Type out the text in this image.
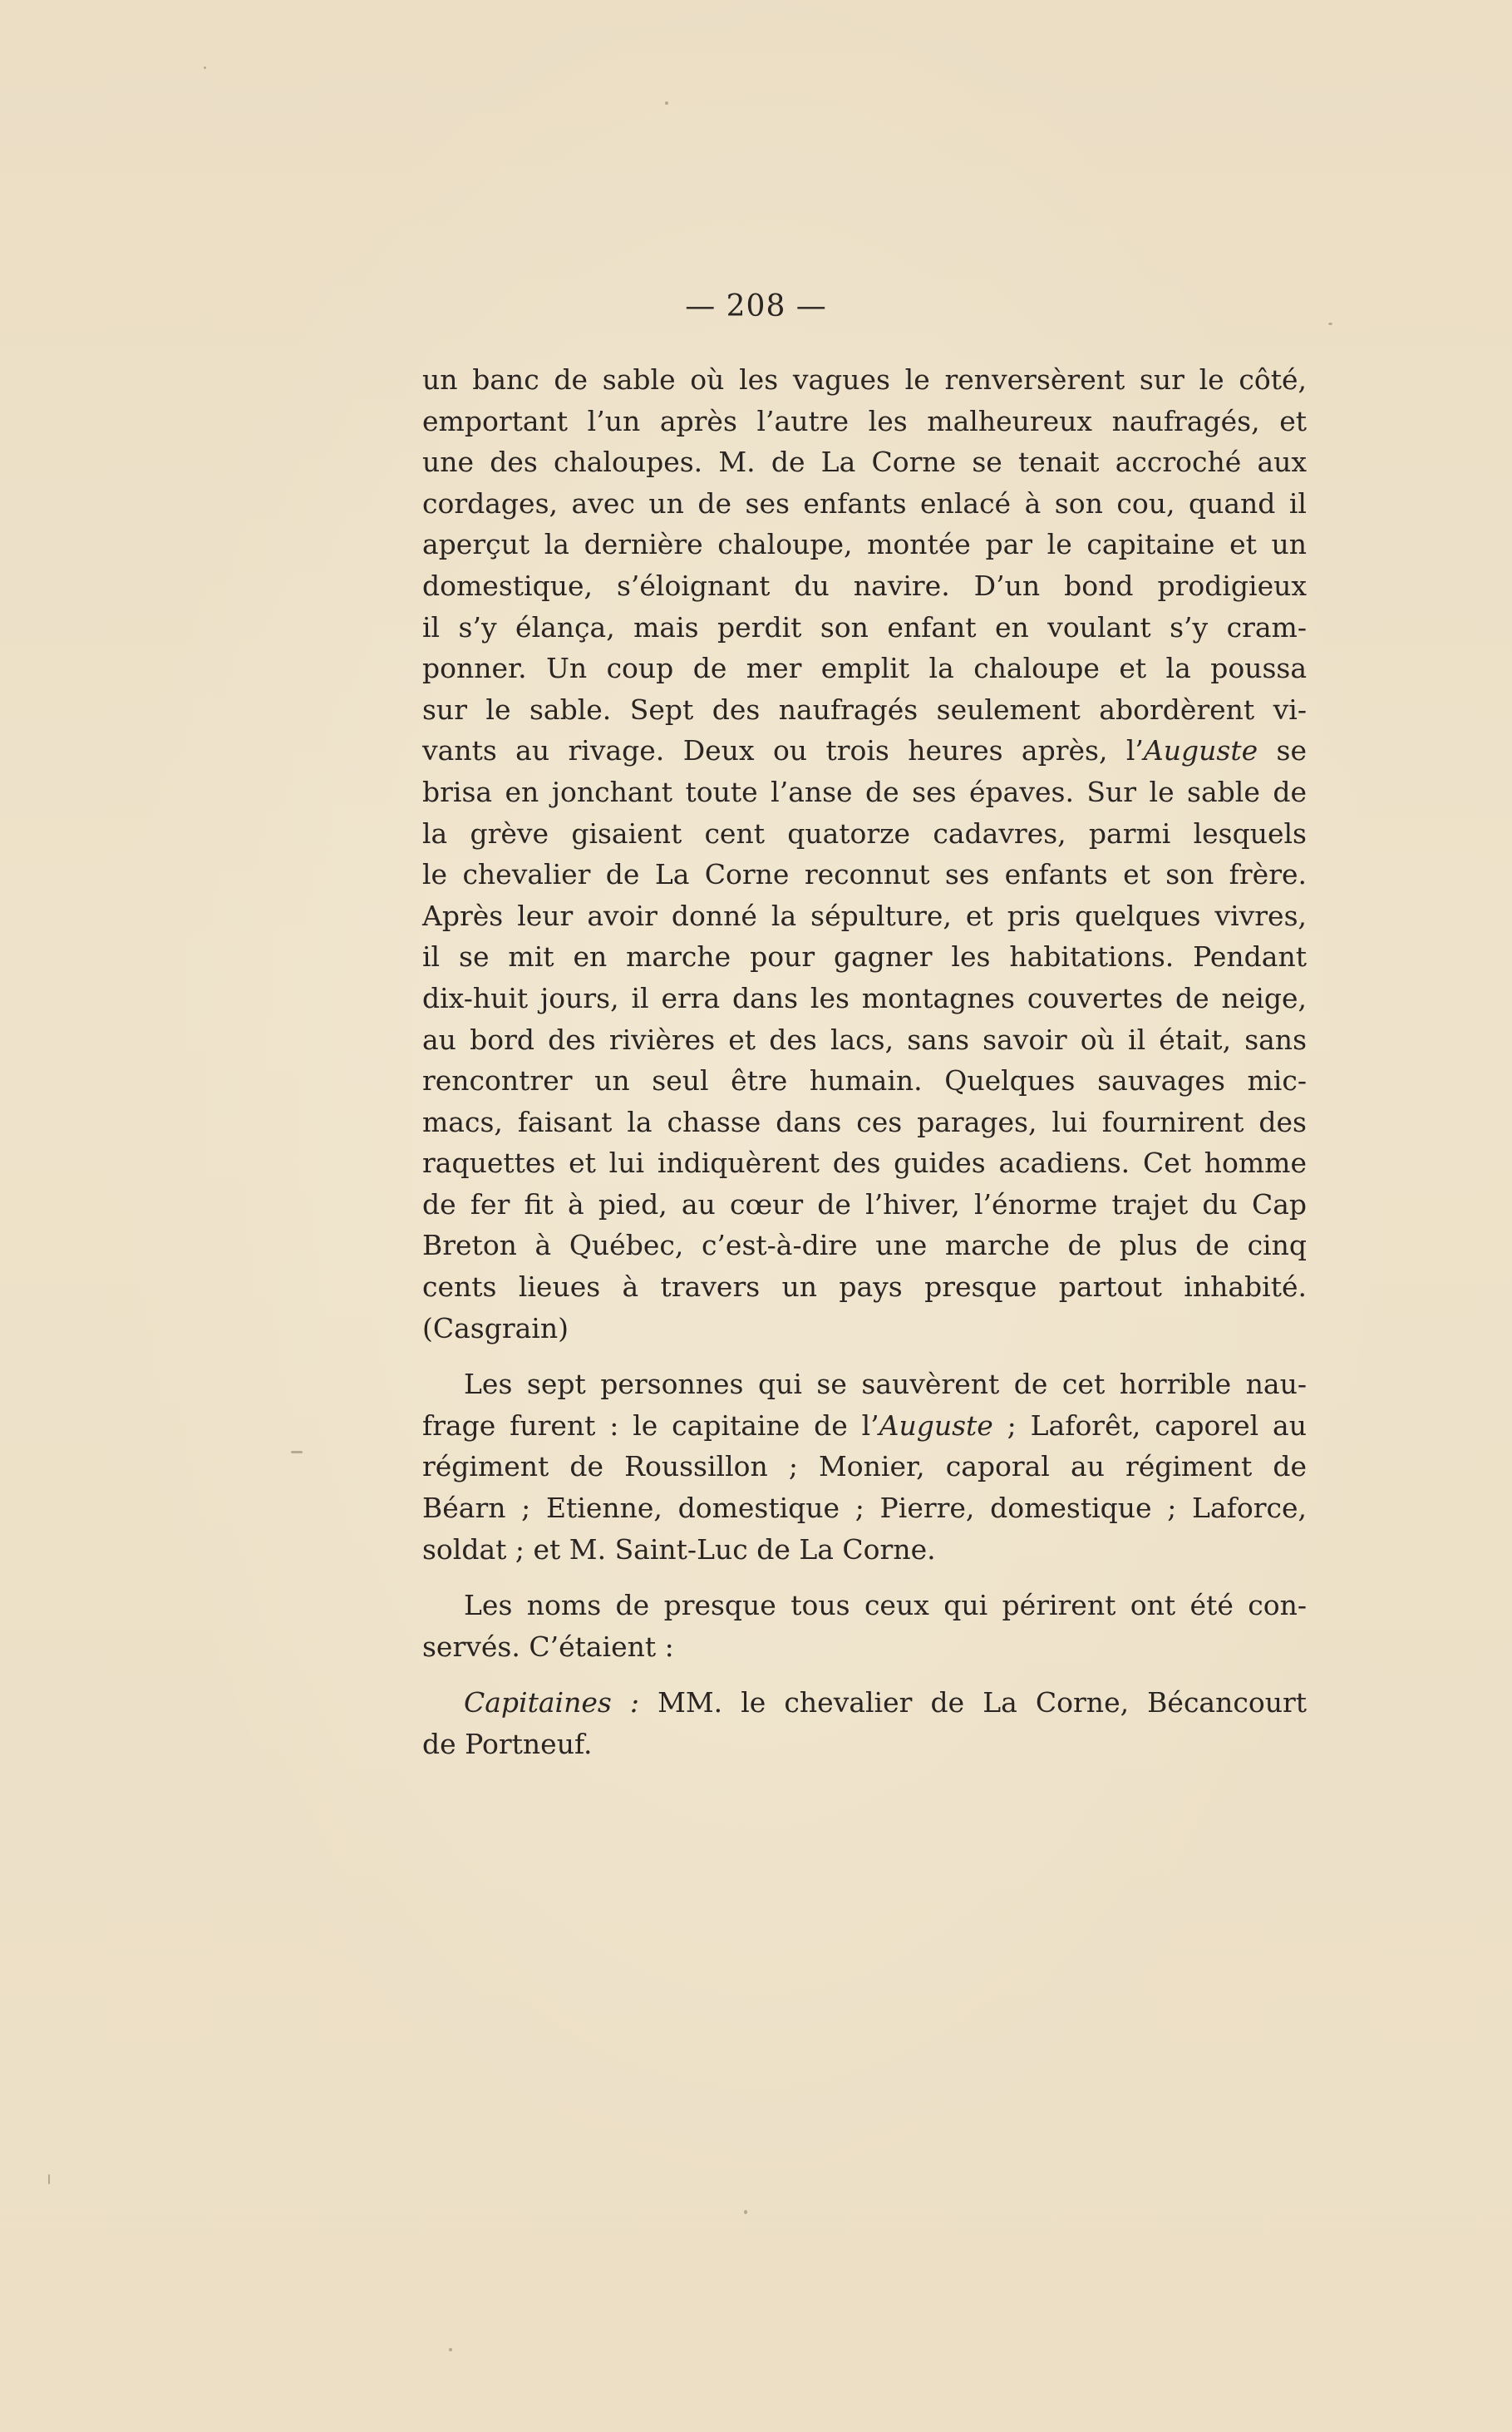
— 208 —
un banc de sable où les vagues le renversèrent sur le côté,
emportant l’un après l’autre les malheureux naufragés, et
une des chaloupes. M. de La Corne se tenait accroché aux
cordages, avec un de ses enfants enlacé à son cou, quand il
aperçut la dernière chaloupe, montée par le capitaine et un
domestique, s’éloignant du navire. D’un bond prodigieux
il s’y élança, mais perdit son enfant en voulant s’y cram-
ponner. Un coup de mer emplit la chaloupe et la poussa
sur le sable. Sept des naufragés seulement abordèrent vi-
vants au rivage. Deux ou trois heures après, l’Auguste se
brisa en jonchant toute l’anse de ses épaves. Sur le sable de
la grève gisaient cent quatorze cadavres, parmi lesquels
le chevalier de La Corne reconnut ses enfants et son frère.
Après leur avoir donné la sépulture, et pris quelques vivres,
il se mit en marche pour gagner les habitations. Pendant
dix-huit jours, il erra dans les montagnes couvertes de neige,
au bord des rivières et des lacs, sans savoir où il était, sans
rencontrer un seul être humain. Quelques sauvages mic-
macs, faisant la chasse dans ces parages, lui fournirent des
raquettes et lui indiquèrent des guides acadiens. Cet homme
de fer fit à pied, au cœur de l’hiver, l’énorme trajet du Cap
Breton à Québec, c’est-à-dire une marche de plus de cinq
cents lieues à travers un pays presque partout inhabité.
(Casgrain)
Les sept personnes qui se sauvèrent de cet horrible nau-
frage furent : le capitaine de l’Auguste ; Laforêt, caporel au
régiment de Roussillon ; Monier, caporal au régiment de
Béarn ; Etienne, domestique ; Pierre, domestique ; Laforce,
soldat ; et M. Saint-Luc de La Corne.
Les noms de presque tous ceux qui périrent ont été con-
servés. C’étaient :
Capitaines : MM. le chevalier de La Corne, Bécancourt
de Portneuf.
